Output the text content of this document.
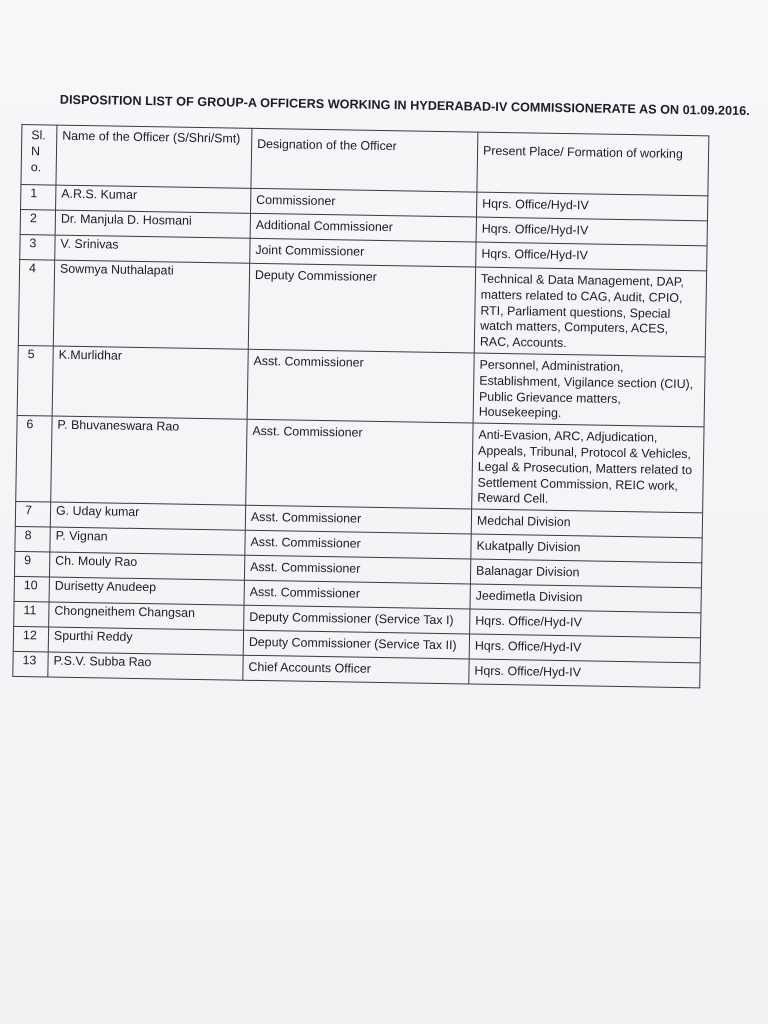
DISPOSITION LIST OF GROUP-A OFFICERS WORKING IN HYDERABAD-IV COMMISSIONERATE AS ON 01.09.2016.
Sl.
N
o.	Name of the Officer (S/Shri/Smt)	Designation of the Officer	Present Place/ Formation of working
1	A.R.S. Kumar	Commissioner	Hqrs. Office/Hyd-IV
2	Dr. Manjula D. Hosmani	Additional Commissioner	Hqrs. Office/Hyd-IV
3	V. Srinivas	Joint Commissioner	Hqrs. Office/Hyd-IV
4	Sowmya Nuthalapati	Deputy Commissioner	Technical & Data Management, DAP, matters related to CAG, Audit, CPIO, RTI, Parliament questions, Special watch matters, Computers, ACES, RAC, Accounts.
5	K.Murlidhar	Asst. Commissioner	Personnel, Administration, Establishment, Vigilance section (CIU), Public Grievance matters, Housekeeping.
6	P. Bhuvaneswara Rao	Asst. Commissioner	Anti-Evasion, ARC, Adjudication, Appeals, Tribunal, Protocol & Vehicles, Legal & Prosecution, Matters related to Settlement Commission, REIC work, Reward Cell.
7	G. Uday kumar	Asst. Commissioner	Medchal Division
8	P. Vignan	Asst. Commissioner	Kukatpally Division
9	Ch. Mouly Rao	Asst. Commissioner	Balanagar Division
10	Durisetty Anudeep	Asst. Commissioner	Jeedimetla Division
11	Chongneithem Changsan	Deputy Commissioner (Service Tax I)	Hqrs. Office/Hyd-IV
12	Spurthi Reddy	Deputy Commissioner (Service Tax II)	Hqrs. Office/Hyd-IV
13	P.S.V. Subba Rao	Chief Accounts Officer	Hqrs. Office/Hyd-IV
